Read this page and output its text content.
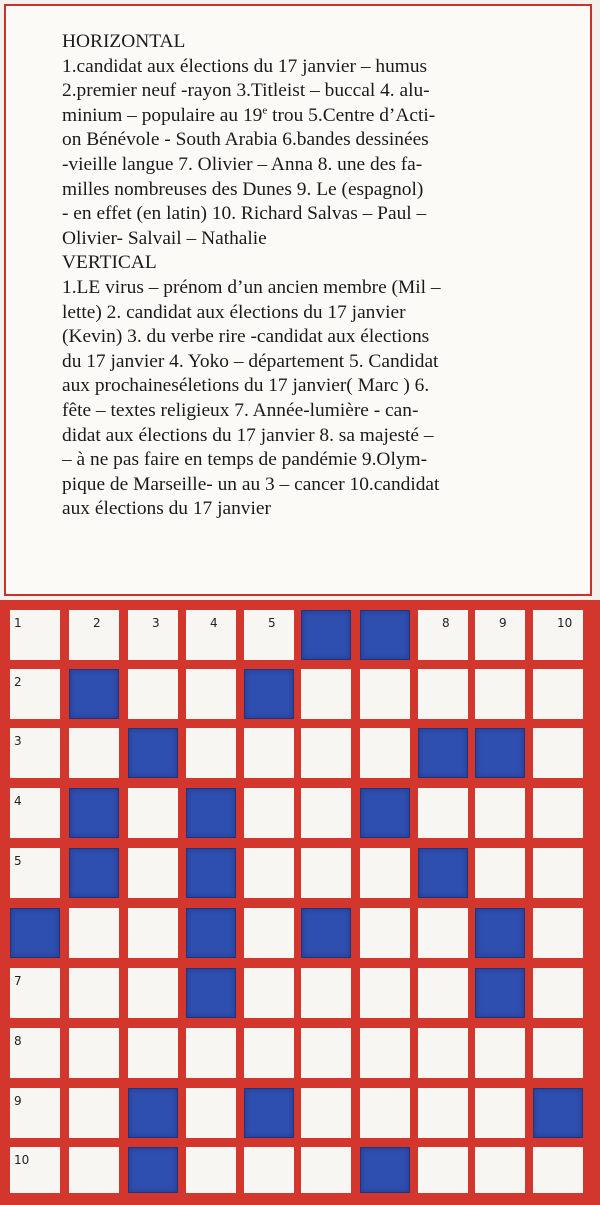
HORIZONTAL
1.candidat aux élections du 17 janvier – humus
2.premier neuf -rayon 3.Titleist – buccal 4. alu-
minium – populaire au 19e trou 5.Centre d’Acti-
on Bénévole - South Arabia 6.bandes dessinées
-vieille langue 7. Olivier – Anna 8. une des fa-
milles nombreuses des Dunes 9. Le (espagnol)
- en effet (en latin) 10. Richard Salvas – Paul –
Olivier- Salvail – Nathalie
VERTICAL
1.LE virus – prénom d’un ancien membre (Mil –
lette) 2. candidat aux élections du 17 janvier
(Kevin) 3. du verbe rire -candidat aux élections
du 17 janvier 4. Yoko – département 5. Candidat
aux prochaineséletions du 17 janvier( Marc ) 6.
fête – textes religieux 7. Année-lumière - can-
didat aux élections du 17 janvier 8. sa majesté –
– à ne pas faire en temps de pandémie 9.Olym-
pique de Marseille- un au 3 – cancer 10.candidat
aux élections du 17 janvier
1	2	3	4	5	8	9	10
2
3
4
5
7
8
9
10
